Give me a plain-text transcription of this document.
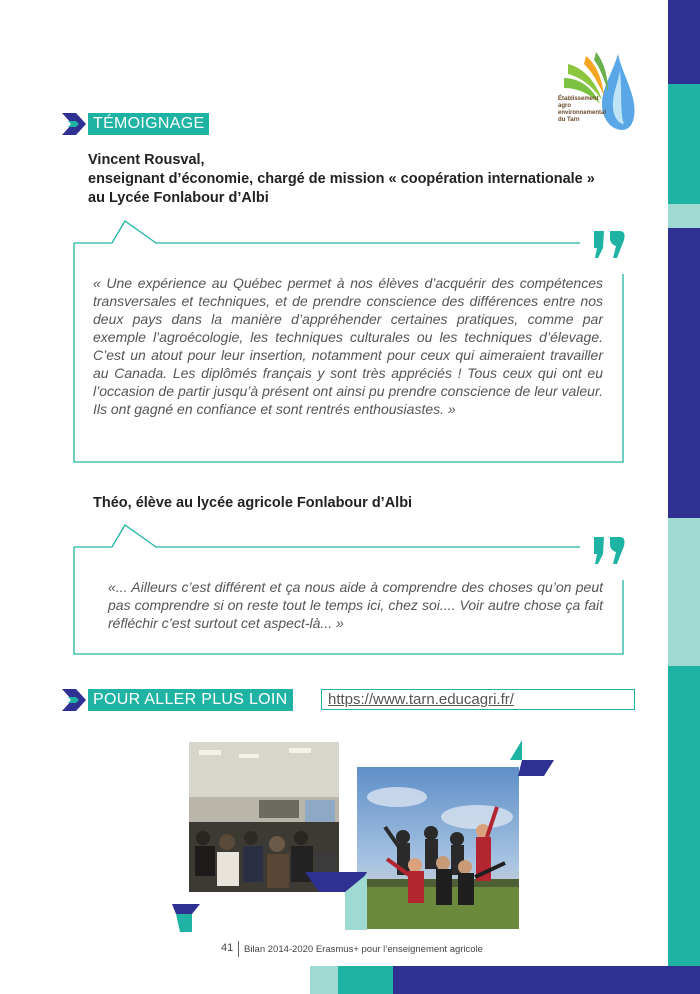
Établissement
agro
environnemental
du Tarn
TÉMOIGNAGE
Vincent Rousval,
enseignant d’économie, chargé de mission « coopération internationale »
au Lycée Fonlabour d’Albi
« Une expérience au Québec permet à nos élèves d’acquérir des compétences transversales et techniques, et de prendre conscience des différences entre nos deux pays dans la manière d’appréhender certaines pratiques, comme par exemple l’agroécologie, les techniques culturales ou les techniques d’élevage. C’est un atout pour leur insertion, notamment pour ceux qui aimeraient travailler au Canada. Les diplômés français y sont très appréciés ! Tous ceux qui ont eu l’occasion de partir jusqu’à présent ont ainsi pu prendre conscience de leur valeur. Ils ont gagné en confiance et sont rentrés enthousiastes. »
Théo, élève au lycée agricole Fonlabour d’Albi
«... Ailleurs c’est différent et ça nous aide à comprendre des choses qu’on peut pas comprendre si on reste tout le temps ici, chez soi.... Voir autre chose ça fait réfléchir c’est surtout cet aspect-là... »
POUR ALLER PLUS LOIN	https://www.tarn.educagri.fr/
41 Bilan 2014-2020 Erasmus+ pour l’enseignement agricole
